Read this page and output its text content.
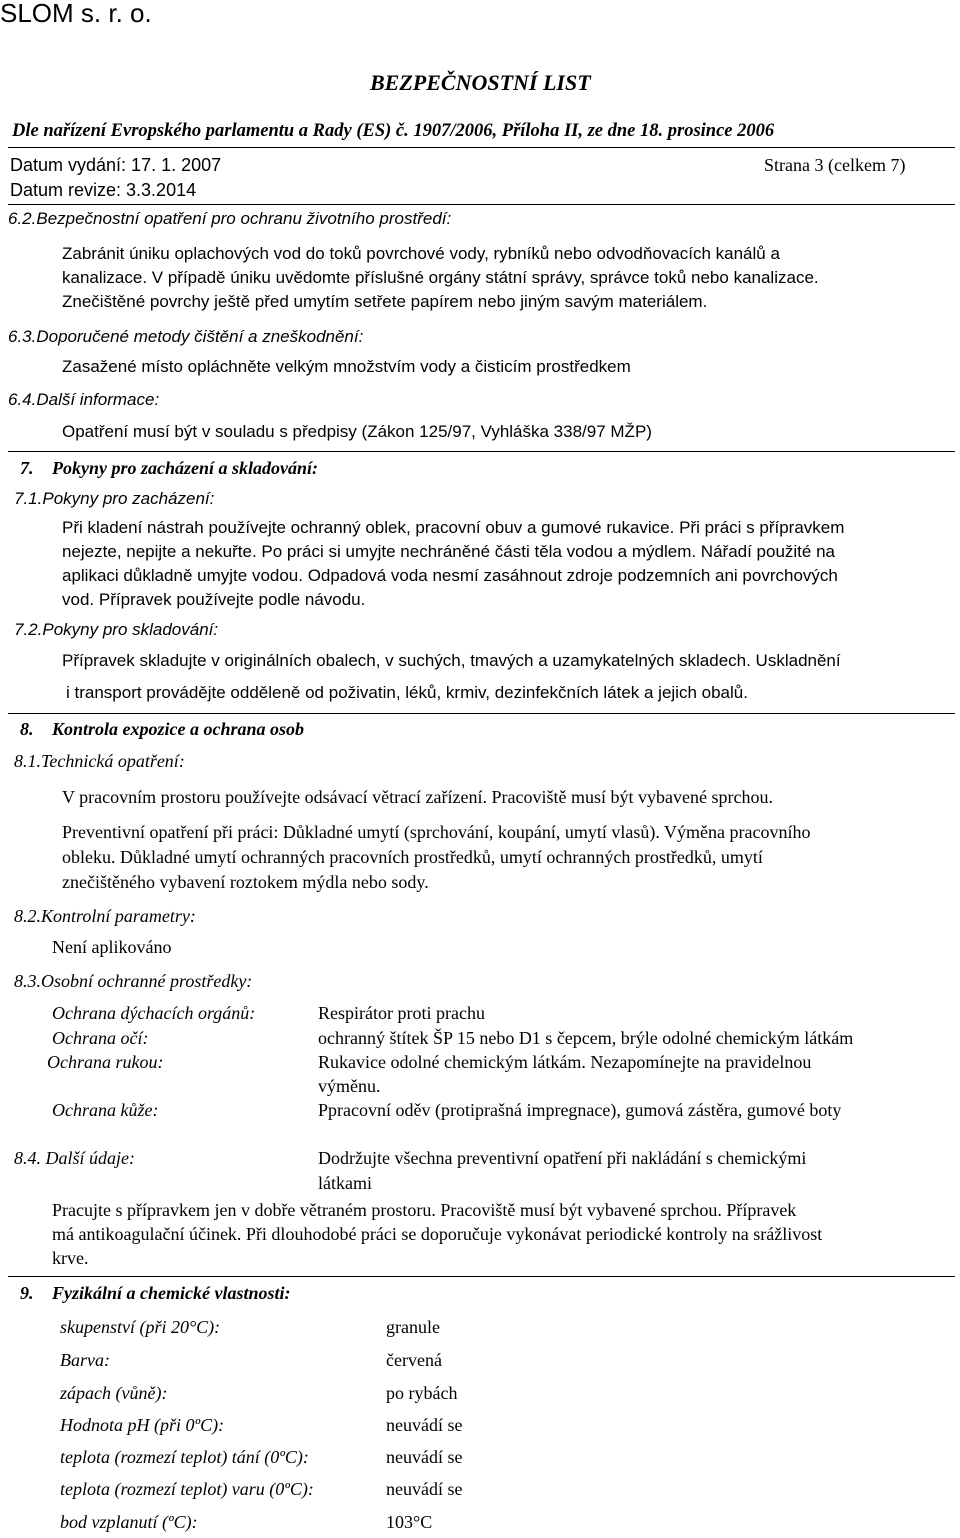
SLOM s. r. o.
BEZPEČNOSTNÍ LIST
Dle nařízení Evropského parlamentu a Rady (ES) č. 1907/2006, Příloha II, ze dne 18. prosince 2006
Datum vydání: 17. 1. 2007	Strana 3 (celkem 7)
Datum revize: 3.3.2014
6.2.Bezpečnostní opatření pro ochranu životního prostředí:
Zabránit úniku oplachových vod do toků povrchové vody, rybníků nebo odvodňovacích kanálů a
kanalizace. V případě úniku uvědomte příslušné orgány státní správy, správce toků nebo kanalizace.
Znečištěné povrchy ještě před umytím setřete papírem nebo jiným savým materiálem.
6.3.Doporučené metody čištění a zneškodnění:
Zasažené místo opláchněte velkým množstvím vody a čisticím prostředkem
6.4.Další informace:
Opatření musí být v souladu s předpisy (Zákon 125/97, Vyhláška 338/97 MŽP)
7. Pokyny pro zacházení a skladování:
7.1.Pokyny pro zacházení:
Při kladení nástrah používejte ochranný oblek, pracovní obuv a gumové rukavice. Při práci s přípravkem
nejezte, nepijte a nekuřte. Po práci si umyjte nechráněné části těla vodou a mýdlem. Nářadí použité na
aplikaci důkladně umyjte vodou. Odpadová voda nesmí zasáhnout zdroje podzemních ani povrchových
vod. Přípravek používejte podle návodu.
7.2.Pokyny pro skladování:
Přípravek skladujte v originálních obalech, v suchých, tmavých a uzamykatelných skladech. Uskladnění
i transport provádějte odděleně od poživatin, léků, krmiv, dezinfekčních látek a jejich obalů.
8. Kontrola expozice a ochrana osob
8.1.Technická opatření:
V pracovním prostoru používejte odsávací větrací zařízení. Pracoviště musí být vybavené sprchou.
Preventivní opatření při práci: Důkladné umytí (sprchování, koupání, umytí vlasů). Výměna pracovního
obleku. Důkladné umytí ochranných pracovních prostředků, umytí ochranných prostředků, umytí
znečištěného vybavení roztokem mýdla nebo sody.
8.2.Kontrolní parametry:
Není aplikováno
8.3.Osobní ochranné prostředky:
Ochrana dýchacích orgánů:	Respirátor proti prachu
Ochrana očí:	ochranný štítek ŠP 15 nebo D1 s čepcem, brýle odolné chemickým látkám
Ochrana rukou:	Rukavice odolné chemickým látkám. Nezapomínejte na pravidelnou
výměnu.
Ochrana kůže:	Ppracovní oděv (protiprašná impregnace), gumová zástěra, gumové boty
8.4. Další údaje:	Dodržujte všechna preventivní opatření při nakládání s chemickými
látkami
Pracujte s přípravkem jen v dobře větraném prostoru. Pracoviště musí být vybavené sprchou. Přípravek
má antikoagulační účinek. Při dlouhodobé práci se doporučuje vykonávat periodické kontroly na srážlivost
krve.
9. Fyzikální a chemické vlastnosti:
skupenství (při 20°C):	granule
Barva:	červená
zápach (vůně):	po rybách
Hodnota pH (při 0ºC):	neuvádí se
teplota (rozmezí teplot) tání (0ºC):	neuvádí se
teplota (rozmezí teplot) varu (0ºC):	neuvádí se
bod vzplanutí (ºC):	103°C
